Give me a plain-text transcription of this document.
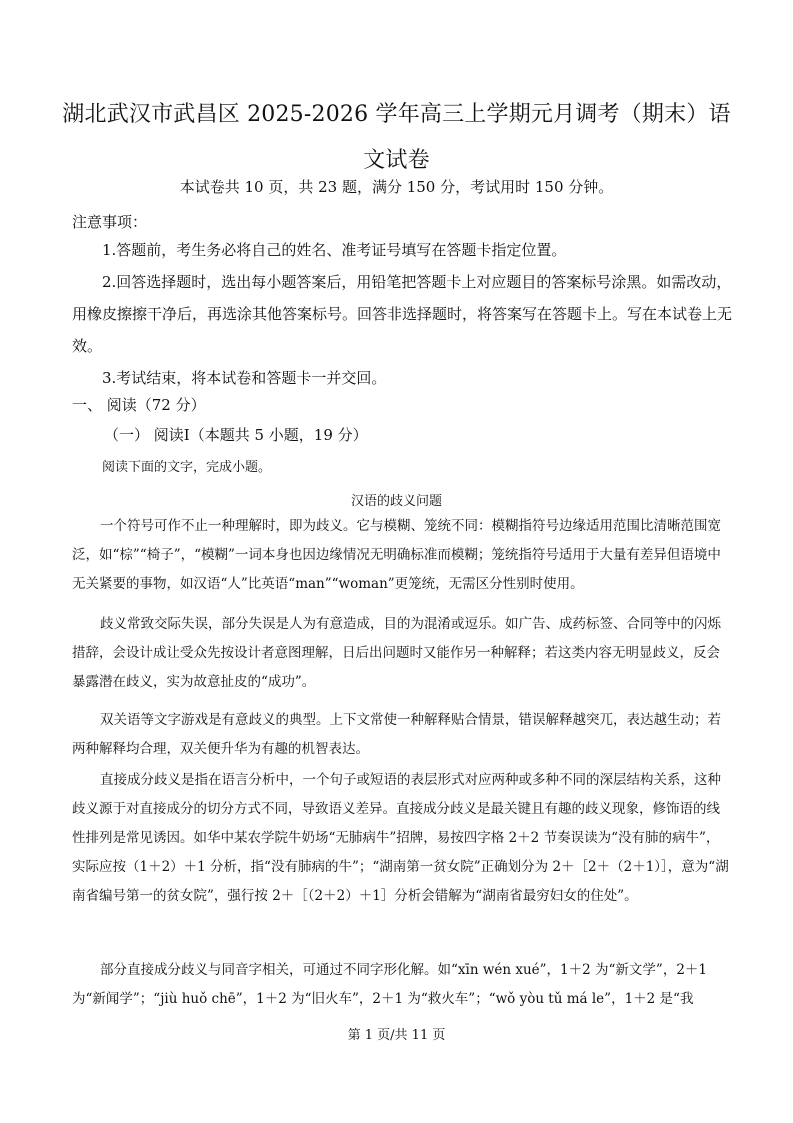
湖北武汉市武昌区 2025-2026 学年高三上学期元月调考（期末）语文试卷
本试卷共 10 页，共 23 题，满分 150 分，考试用时 150 分钟。
注意事项：
1.答题前，考生务必将自己的姓名、准考证号填写在答题卡指定位置。
2.回答选择题时，选出每小题答案后，用铅笔把答题卡上对应题目的答案标号涂黑。如需改动，用橡皮擦擦干净后，再选涂其他答案标号。回答非选择题时，将答案写在答题卡上。写在本试卷上无效。
3.考试结束，将本试卷和答题卡一并交回。
一、 阅读（72 分）
（一） 阅读Ⅰ（本题共 5 小题，19 分）
阅读下面的文字，完成小题。
汉语的歧义问题
一个符号可作不止一种理解时，即为歧义。它与模糊、笼统不同：模糊指符号边缘适用范围比清晰范围宽泛，如“棕”“椅子”，“模糊”一词本身也因边缘情况无明确标准而模糊；笼统指符号适用于大量有差异但语境中无关紧要的事物，如汉语“人”比英语“man”“woman”更笼统，无需区分性别时使用。
歧义常致交际失误，部分失误是人为有意造成，目的为混淆或逗乐。如广告、成药标签、合同等中的闪烁措辞，会设计成让受众先按设计者意图理解，日后出问题时又能作另一种解释；若这类内容无明显歧义，反会暴露潜在歧义，实为故意扯皮的“成功”。
双关语等文字游戏是有意歧义的典型。上下文常使一种解释贴合情景，错误解释越突兀，表达越生动；若两种解释均合理，双关便升华为有趣的机智表达。
直接成分歧义是指在语言分析中，一个句子或短语的表层形式对应两种或多种不同的深层结构关系，这种歧义源于对直接成分的切分方式不同，导致语义差异。直接成分歧义是最关键且有趣的歧义现象，修饰语的线性排列是常见诱因。如华中某农学院牛奶场“无肺病牛”招牌，易按四字格 2＋2 节奏误读为“没有肺的病牛”，实际应按（1＋2）＋1 分析，指“没有肺病的牛”；“湖南第一贫女院”正确划分为 2＋［2＋（2＋1）］，意为“湖南省编号第一的贫女院”，强行按 2＋［（2＋2）＋1］分析会错解为“湖南省最穷妇女的住处”。
部分直接成分歧义与同音字相关，可通过不同字形化解。如“xīn wén xué”，1＋2 为“新文学”，2＋1 为“新闻学”；“jiù huǒ chē”，1＋2 为“旧火车”，2＋1 为“救火车”；“wǒ yòu tǔ má le”，1＋2 是“我
第 1 页/共 11 页
